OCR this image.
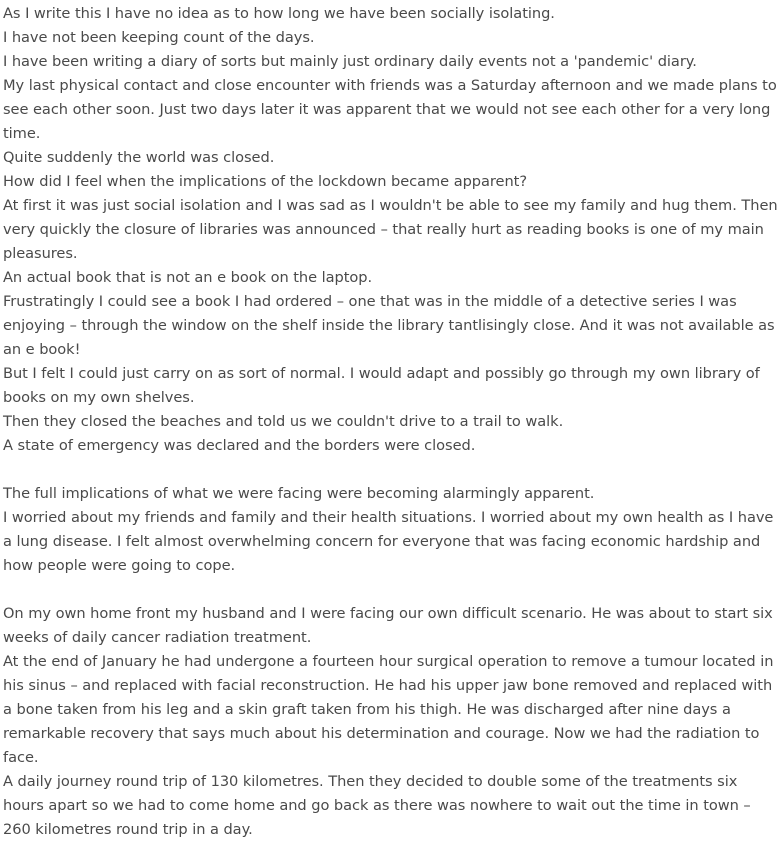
As I write this I have no idea as to how long we have been socially isolating.

I have not been keeping count of the days.

I have been writing a diary of sorts but mainly just ordinary daily events not a 'pandemic' diary.

My last physical contact and close encounter with friends was a Saturday afternoon and we made plans to see each other soon. Just two days later it was apparent that we would not see each other for a very long time.

Quite suddenly the world was closed.

How did I feel when the implications of the lockdown became apparent?

At first it was just social isolation and I was sad as I wouldn't be able to see my family and hug them. Then very quickly the closure of libraries was announced – that really hurt as reading books is one of my main pleasures.

An actual book that is not an e book on the laptop.

Frustratingly I could see a book I had ordered – one that was in the middle of a detective series I was enjoying – through the window on the shelf inside the library tantlisingly close. And it was not available as an e book!

But I felt I could just carry on as sort of normal. I would adapt and possibly go through my own library of books on my own shelves.

Then they closed the beaches and told us we couldn't drive to a trail to walk.

A state of emergency was declared and the borders were closed.

The full implications of what we were facing were becoming alarmingly apparent.

I worried about my friends and family and their health situations. I worried about my own health as I have a lung disease. I felt almost overwhelming concern for everyone that was facing economic hardship and how people were going to cope.

On my own home front my husband and I were facing our own difficult scenario. He was about to start six weeks of daily cancer radiation treatment.

At the end of January he had undergone a fourteen hour surgical operation to remove a tumour located in his sinus – and replaced with facial reconstruction. He had his upper jaw bone removed and replaced with a bone taken from his leg and a skin graft taken from his thigh. He was discharged after nine days a remarkable recovery that says much about his determination and courage. Now we had the radiation to face.

A daily journey round trip of 130 kilometres. Then they decided to double some of the treatments six hours apart so we had to come home and go back as there was nowhere to wait out the time in town – 260 kilometres round trip in a day.
